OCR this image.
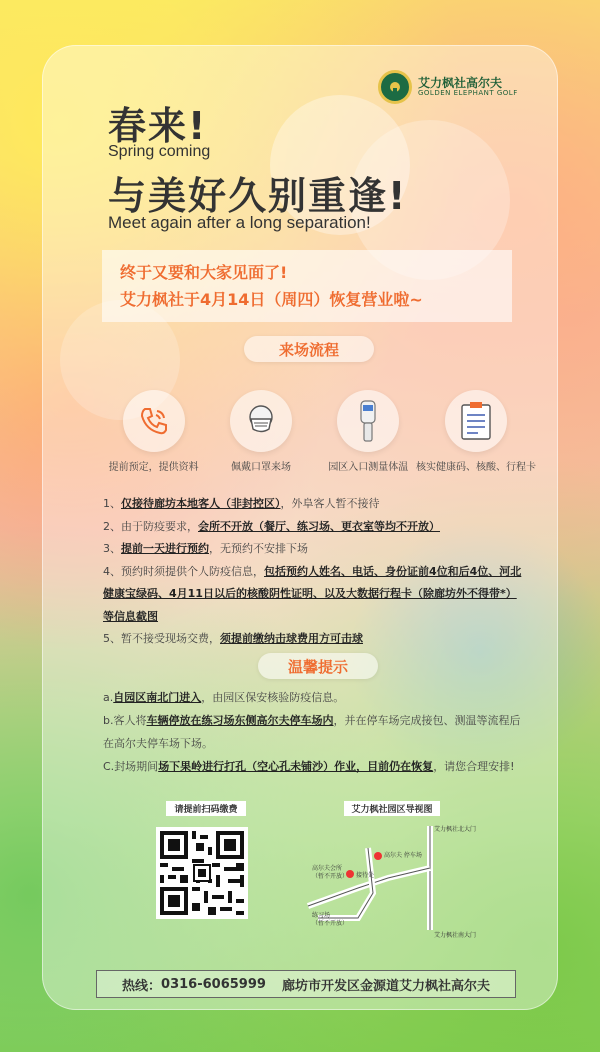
艾力枫社高尔夫
GOLDEN ELEPHANT GOLF
春来!
Spring coming
与美好久别重逢!
Meet again after a long separation!
终于又要和大家见面了!
艾力枫社于4月14日（周四）恢复营业啦~
来场流程
提前预定，提供资料	佩戴口罩来场	园区入口测量体温 核实健康码、核酸、行程卡
1、仅接待廊坊本地客人（非封控区），外阜客人暂不接待
2、由于防疫要求，会所不开放（餐厅、练习场、更衣室等均不开放）
3、提前一天进行预约，无预约不安排下场
4、预约时须提供个人防疫信息，包括预约人姓名、电话、身份证前4位和后4位、河北健康宝绿码、4月11日以后的核酸阴性证明、以及大数据行程卡（除廊坊外不得带*）等信息截图
5、暂不接受现场交费，须提前缴纳击球费用方可击球
温馨提示
a.自园区南北门进入，由园区保安核验防疫信息。
b.客人将车辆停放在练习场东侧高尔夫停车场内，并在停车场完成接包、测温等流程后在高尔夫停车场下场。
C.封场期间场下果岭进行打孔（空心孔未铺沙）作业，目前仍在恢复，请您合理安排!
请提前扫码缴费	艾力枫社园区导视图
艾力枫社北大门
高尔夫 停车场
高尔夫会所
（暂不开放） 接待处
练习场
（暂不开放）
艾力枫社南大门
热线： 0316-6065999 廊坊市开发区金源道艾力枫社高尔夫
